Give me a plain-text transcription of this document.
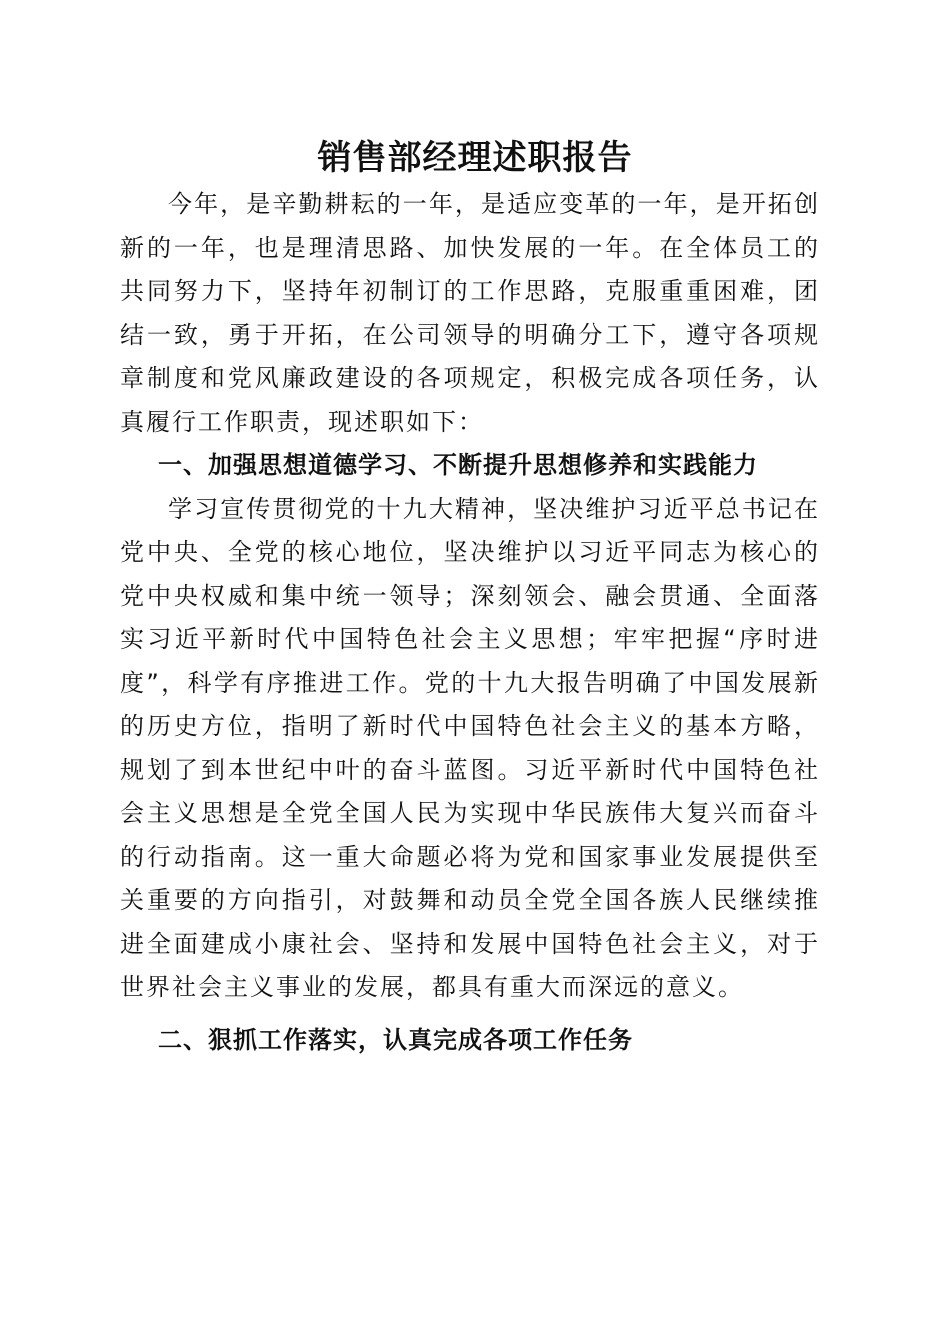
销售部经理述职报告

今年，是辛勤耕耘的一年，是适应变革的一年，是开拓创新的一年，也是理清思路、加快发展的一年。在全体员工的共同努力下，坚持年初制订的工作思路，克服重重困难，团结一致，勇于开拓，在公司领导的明确分工下，遵守各项规章制度和党风廉政建设的各项规定，积极完成各项任务，认真履行工作职责，现述职如下：

一、加强思想道德学习、不断提升思想修养和实践能力

学习宣传贯彻党的十九大精神，坚决维护习近平总书记在党中央、全党的核心地位，坚决维护以习近平同志为核心的党中央权威和集中统一领导；深刻领会、融会贯通、全面落实习近平新时代中国特色社会主义思想；牢牢把握“序时进度”，科学有序推进工作。党的十九大报告明确了中国发展新的历史方位，指明了新时代中国特色社会主义的基本方略，规划了到本世纪中叶的奋斗蓝图。习近平新时代中国特色社会主义思想是全党全国人民为实现中华民族伟大复兴而奋斗的行动指南。这一重大命题必将为党和国家事业发展提供至关重要的方向指引，对鼓舞和动员全党全国各族人民继续推进全面建成小康社会、坚持和发展中国特色社会主义，对于世界社会主义事业的发展，都具有重大而深远的意义。

二、狠抓工作落实，认真完成各项工作任务
